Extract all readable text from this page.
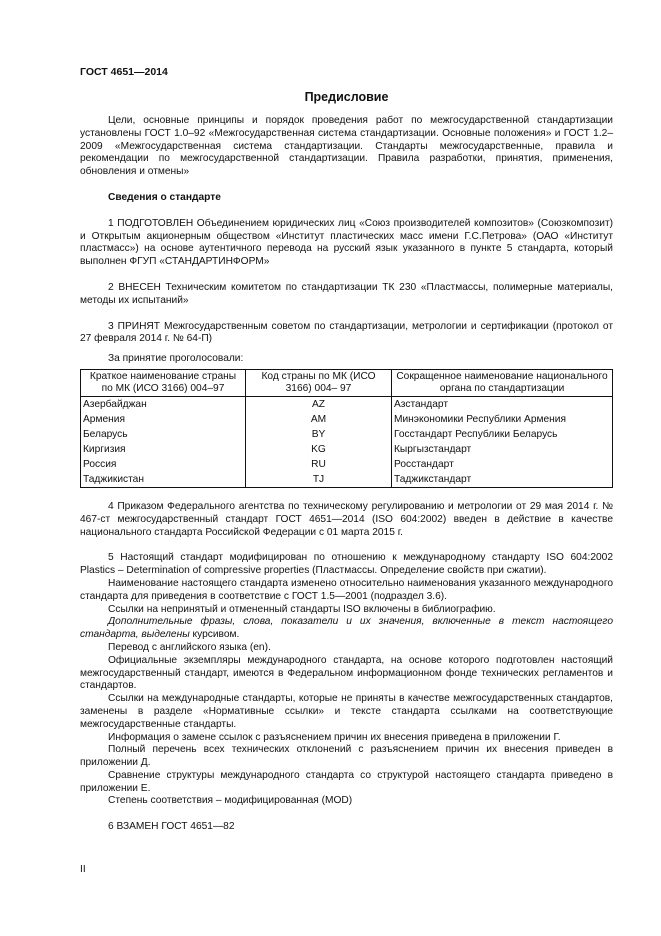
ГОСТ 4651—2014
Предисловие

Цели, основные принципы и порядок проведения работ по межгосударственной стандартизации установлены ГОСТ 1.0–92 «Межгосударственная система стандартизации. Основные положения» и ГОСТ 1.2–2009 «Межгосударственная система стандартизации. Стандарты межгосударственные, правила и рекомендации по межгосударственной стандартизации. Правила разработки, принятия, применения, обновления и отмены»

Сведения о стандарте

1 ПОДГОТОВЛЕН Объединением юридических лиц «Союз производителей композитов» (Союзкомпозит) и Открытым акционерным обществом «Институт пластических масс имени Г.С.Петрова» (ОАО «Институт пластмасс») на основе аутентичного перевода на русский язык указанного в пункте 5 стандарта, который выполнен ФГУП «СТАНДАРТИНФОРМ»

2 ВНЕСЕН Техническим комитетом по стандартизации ТК 230 «Пластмассы, полимерные материалы, методы их испытаний»

3 ПРИНЯТ Межгосударственным советом по стандартизации, метрологии и сертификации (протокол от 27 февраля 2014 г. № 64-П)

За принятие проголосовали:

Краткое наименование страны по МК (ИСО 3166) 004–97	Код страны по МК (ИСО 3166) 004– 97	Сокращенное наименование национального органа по стандартизации
Азербайджан	AZ	Азстандарт
Армения	AM	Минэкономики Республики Армения
Беларусь	BY	Госстандарт Республики Беларусь
Киргизия	KG	Кыргызстандарт
Россия	RU	Росстандарт
Таджикистан	TJ	Таджикстандарт

4 Приказом Федерального агентства по техническому регулированию и метрологии от 29 мая 2014 г. № 467-ст межгосударственный стандарт ГОСТ 4651—2014 (ISO 604:2002) введен в действие в качестве национального стандарта Российской Федерации с 01 марта 2015 г.

5 Настоящий стандарт модифицирован по отношению к международному стандарту ISO 604:2002 Plastics – Determination of compressive properties (Пластмассы. Определение свойств при сжатии).

Наименование настоящего стандарта изменено относительно наименования указанного международного стандарта для приведения в соответствие с ГОСТ 1.5—2001 (подраздел 3.6).

Ссылки на непринятый и отмененный стандарты ISO включены в библиографию.

Дополнительные фразы, слова, показатели и их значения, включенные в текст настоящего стандарта, выделены курсивом.

Перевод с английского языка (en).

Официальные экземпляры международного стандарта, на основе которого подготовлен настоящий межгосударственный стандарт, имеются в Федеральном информационном фонде технических регламентов и стандартов.

Ссылки на международные стандарты, которые не приняты в качестве межгосударственных стандартов, заменены в разделе «Нормативные ссылки» и тексте стандарта ссылками на соответствующие межгосударственные стандарты.

Информация о замене ссылок с разъяснением причин их внесения приведена в приложении Г.

Полный перечень всех технических отклонений с разъяснением причин их внесения приведен в приложении Д.

Сравнение структуры международного стандарта со структурой настоящего стандарта приведено в приложении Е.

Степень соответствия – модифицированная (MOD)

6 ВЗАМЕН ГОСТ 4651—82

II
